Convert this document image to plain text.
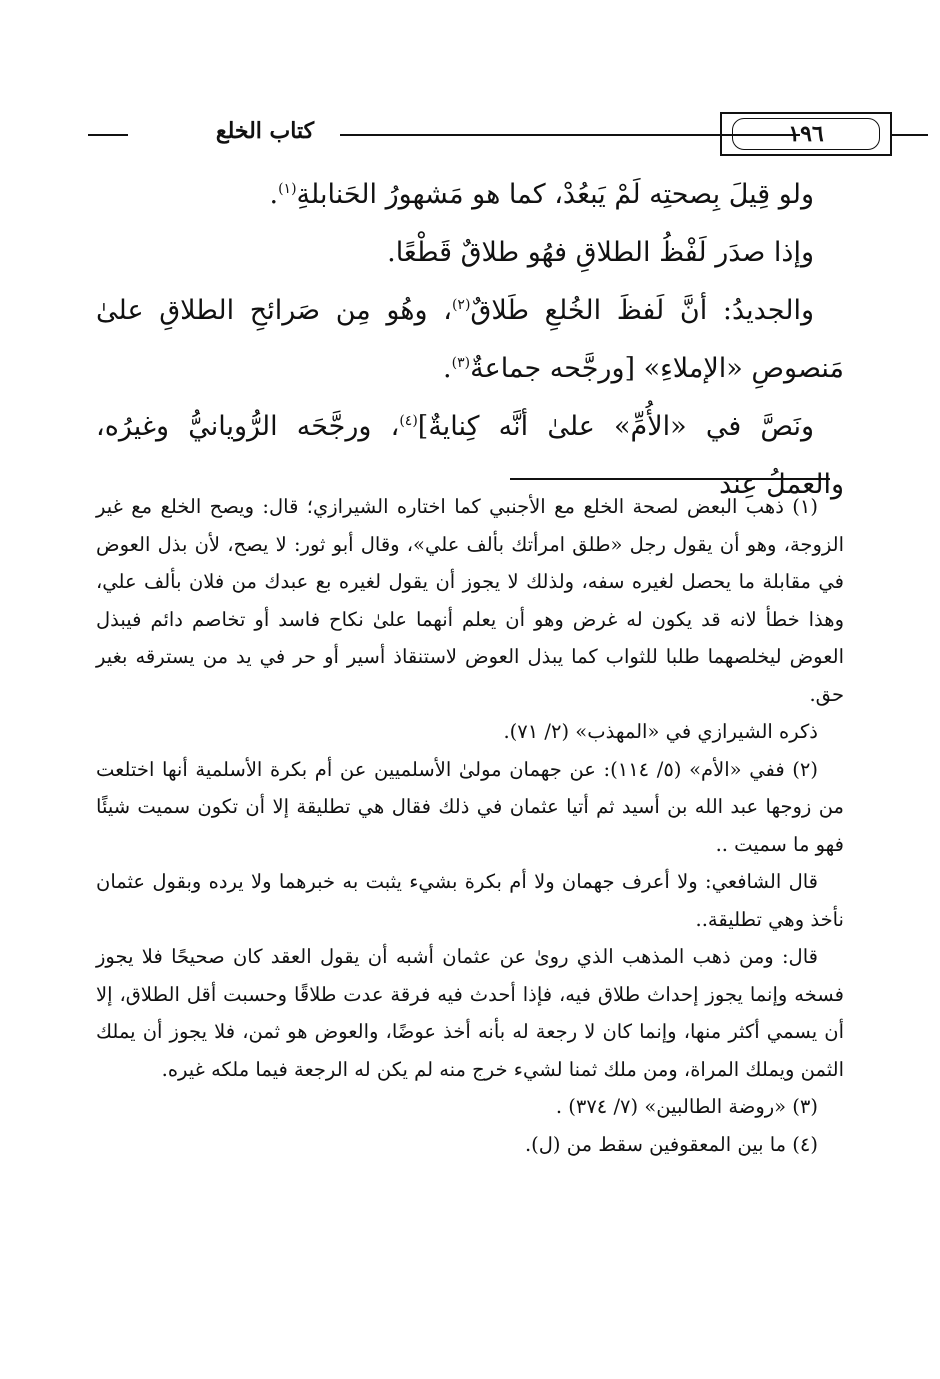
١٩٦
كتاب الخلع

ولو قِيلَ بِصحتِه لَمْ يَبعُدْ، كما هو مَشهورُ الحَنابلةِ$^{(١)}$.

وإذا صدَر لَفْظُ الطلاقِ فهُو طلاقٌ قَطْعًا.

والجديدُ: أنَّ لَفظَ الخُلعِ طَلاقٌ$^{(٢)}$، وهُو مِن صَرائحِ الطلاقِ علىٰ مَنصوصِ «الإملاءِ» [ورجَّحه جماعةٌ$^{(٣)}$.

ونَصَّ في «الأُمِّ» علىٰ أنَّه كِنايةٌ]$^{(٤)}$، ورجَّحَه الرُّويانيُّ وغيرُه، والعملُ عِند

(١) ذهب البعض لصحة الخلع مع الأجنبي كما اختاره الشيرازي؛ قال: ويصح الخلع مع غير الزوجة، وهو أن يقول رجل «طلق امرأتك بألف علي»، وقال أبو ثور: لا يصح، لأن بذل العوض في مقابلة ما يحصل لغيره سفه، ولذلك لا يجوز أن يقول لغيره بع عبدك من فلان بألف علي، وهذا خطأ لانه قد يكون له غرض وهو أن يعلم أنهما علىٰ نكاح فاسد أو تخاصم دائم فيبذل العوض ليخلصهما طلبا للثواب كما يبذل العوض لاستنقاذ أسير أو حر في يد من يسترقه بغير حق.

ذكره الشيرازي في «المهذب» (٢/ ٧١).

(٢) ففي «الأم» (٥/ ١١٤): عن جهمان مولىٰ الأسلميين عن أم بكرة الأسلمية أنها اختلعت من زوجها عبد الله بن أسيد ثم أتيا عثمان في ذلك فقال هي تطليقة إلا أن تكون سميت شيئًا فهو ما سميت ..

قال الشافعي: ولا أعرف جهمان ولا أم بكرة بشيء يثبت به خبرهما ولا يرده وبقول عثمان نأخذ وهي تطليقة..

قال: ومن ذهب المذهب الذي روىٰ عن عثمان أشبه أن يقول العقد كان صحيحًا فلا يجوز فسخه وإنما يجوز إحداث طلاق فيه، فإذا أحدث فيه فرقة عدت طلاقًا وحسبت أقل الطلاق، إلا أن يسمي أكثر منها، وإنما كان لا رجعة له بأنه أخذ عوضًا، والعوض هو ثمن، فلا يجوز أن يملك الثمن ويملك المراة، ومن ملك ثمنا لشيء خرج منه لم يكن له الرجعة فيما ملكه غيره.

(٣) «روضة الطالبين» (٧/ ٣٧٤) .

(٤) ما بين المعقوفين سقط من (ل).
